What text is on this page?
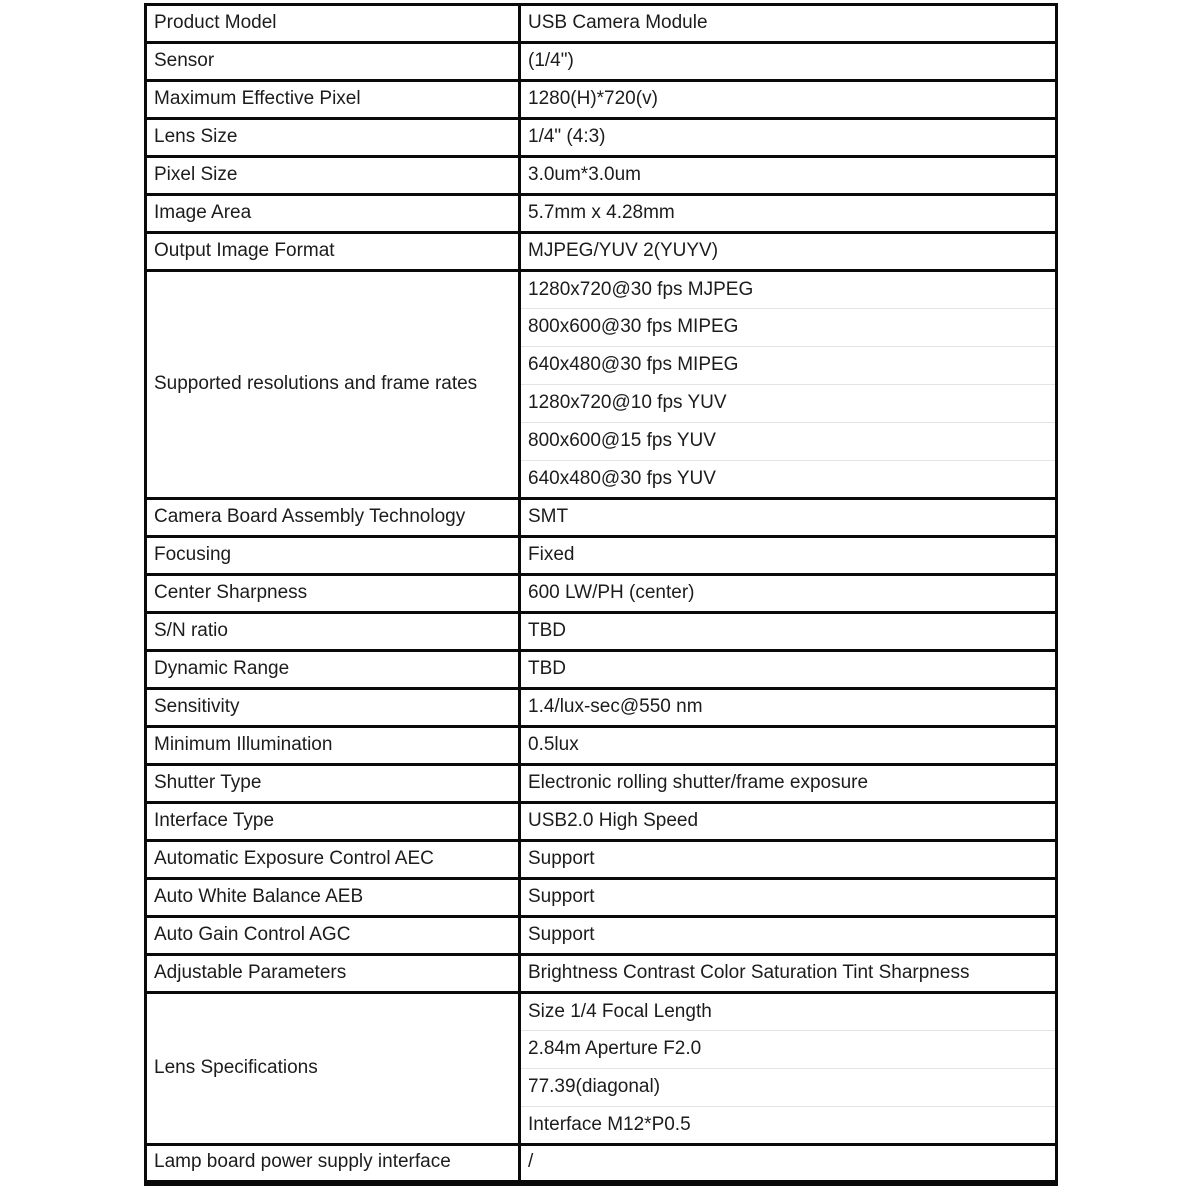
Product Model	USB Camera Module
Sensor	(1/4")
Maximum Effective Pixel	1280(H)*720(v)
Lens Size	1/4" (4:3)
Pixel Size	3.0um*3.0um
Image Area	5.7mm x 4.28mm
Output Image Format	MJPEG/YUV 2(YUYV)
Supported resolutions and frame rates	1280x720@30 fps MJPEG
	800x600@30 fps MIPEG
	640x480@30 fps MIPEG
	1280x720@10 fps YUV
	800x600@15 fps YUV
	640x480@30 fps YUV
Camera Board Assembly Technology	SMT
Focusing	Fixed
Center Sharpness	600 LW/PH (center)
S/N ratio	TBD
Dynamic Range	TBD
Sensitivity	1.4/lux-sec@550 nm
Minimum Illumination	0.5lux
Shutter Type	Electronic rolling shutter/frame exposure
Interface Type	USB2.0 High Speed
Automatic Exposure Control AEC	Support
Auto White Balance AEB	Support
Auto Gain Control AGC	Support
Adjustable Parameters	Brightness Contrast Color Saturation Tint Sharpness
Lens Specifications	Size 1/4 Focal Length
	2.84m Aperture F2.0
	77.39(diagonal)
	Interface M12*P0.5
Lamp board power supply interface	/
